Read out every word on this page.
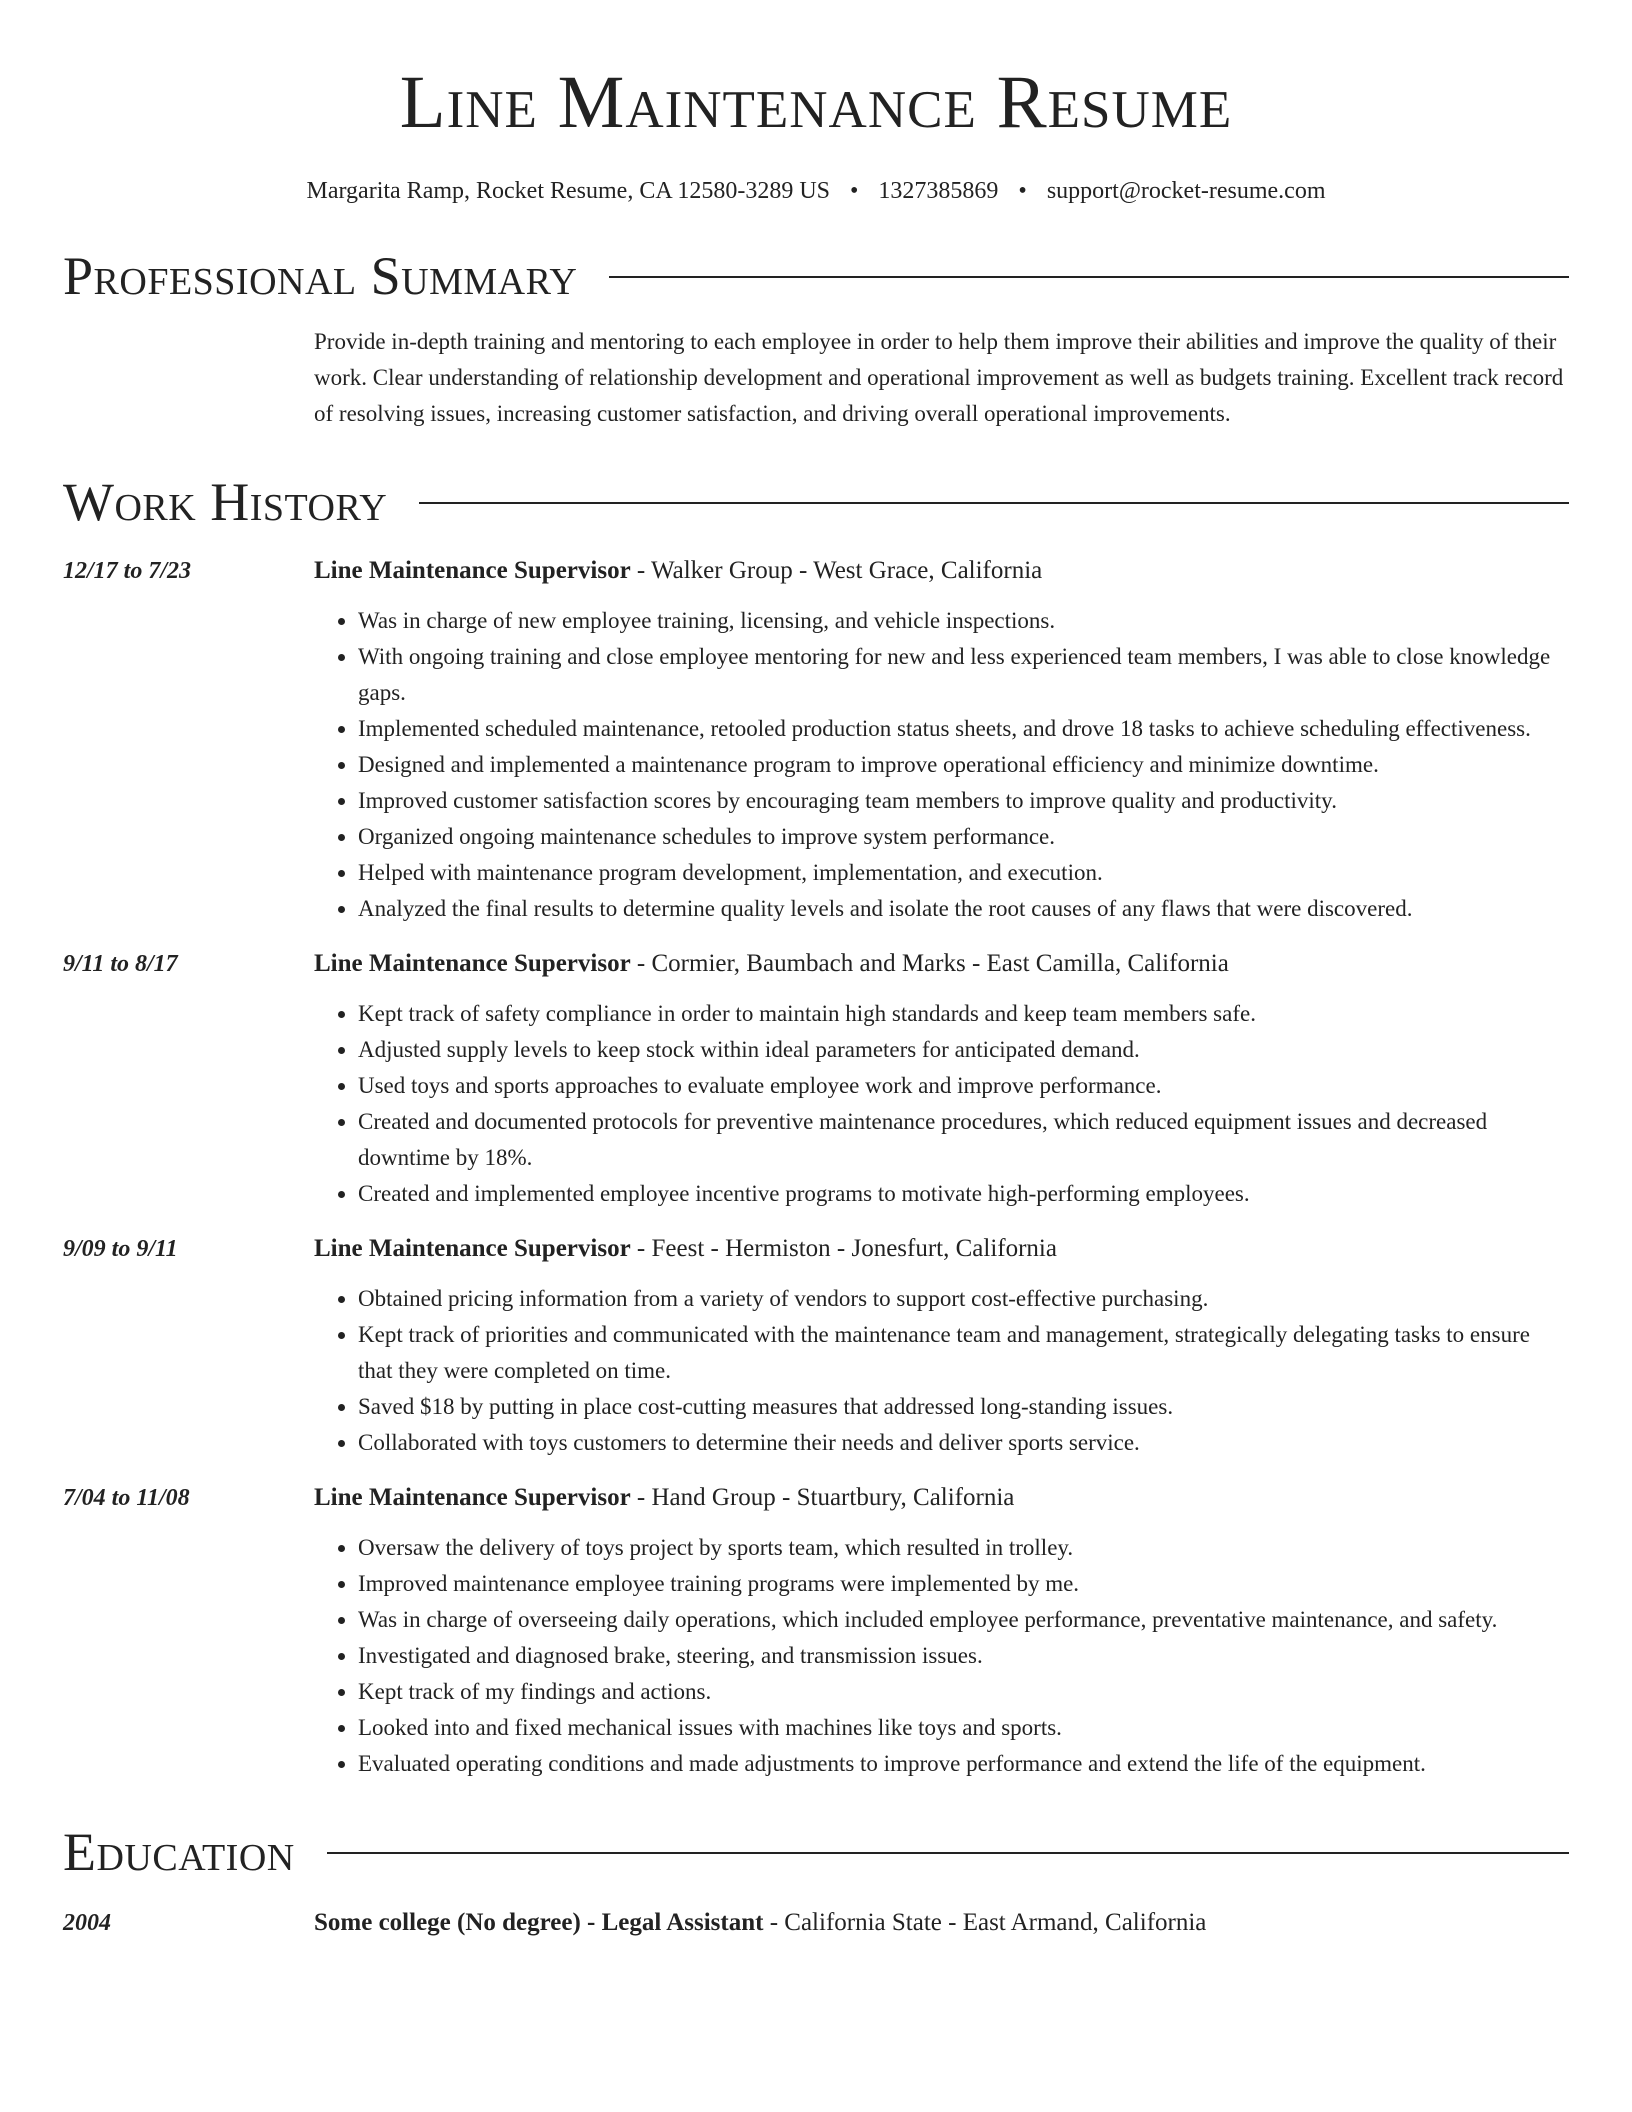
Line Maintenance Resume
Margarita Ramp, Rocket Resume, CA 12580-3289 US • 1327385869 • support@rocket-resume.com
Professional Summary
Provide in-depth training and mentoring to each employee in order to help them improve their abilities and improve the quality of their work. Clear understanding of relationship development and operational improvement as well as budgets training. Excellent track record of resolving issues, increasing customer satisfaction, and driving overall operational improvements.
Work History
12/17 to 7/23	Line Maintenance Supervisor - Walker Group - West Grace, California
• Was in charge of new employee training, licensing, and vehicle inspections.
• With ongoing training and close employee mentoring for new and less experienced team members, I was able to close knowledge gaps.
• Implemented scheduled maintenance, retooled production status sheets, and drove 18 tasks to achieve scheduling effectiveness.
• Designed and implemented a maintenance program to improve operational efficiency and minimize downtime.
• Improved customer satisfaction scores by encouraging team members to improve quality and productivity.
• Organized ongoing maintenance schedules to improve system performance.
• Helped with maintenance program development, implementation, and execution.
• Analyzed the final results to determine quality levels and isolate the root causes of any flaws that were discovered.
9/11 to 8/17	Line Maintenance Supervisor - Cormier, Baumbach and Marks - East Camilla, California
• Kept track of safety compliance in order to maintain high standards and keep team members safe.
• Adjusted supply levels to keep stock within ideal parameters for anticipated demand.
• Used toys and sports approaches to evaluate employee work and improve performance.
• Created and documented protocols for preventive maintenance procedures, which reduced equipment issues and decreased downtime by 18%.
• Created and implemented employee incentive programs to motivate high-performing employees.
9/09 to 9/11	Line Maintenance Supervisor - Feest - Hermiston - Jonesfurt, California
• Obtained pricing information from a variety of vendors to support cost-effective purchasing.
• Kept track of priorities and communicated with the maintenance team and management, strategically delegating tasks to ensure that they were completed on time.
• Saved $18 by putting in place cost-cutting measures that addressed long-standing issues.
• Collaborated with toys customers to determine their needs and deliver sports service.
7/04 to 11/08	Line Maintenance Supervisor - Hand Group - Stuartbury, California
• Oversaw the delivery of toys project by sports team, which resulted in trolley.
• Improved maintenance employee training programs were implemented by me.
• Was in charge of overseeing daily operations, which included employee performance, preventative maintenance, and safety.
• Investigated and diagnosed brake, steering, and transmission issues.
• Kept track of my findings and actions.
• Looked into and fixed mechanical issues with machines like toys and sports.
• Evaluated operating conditions and made adjustments to improve performance and extend the life of the equipment.
Education
2004	Some college (No degree) - Legal Assistant - California State - East Armand, California
